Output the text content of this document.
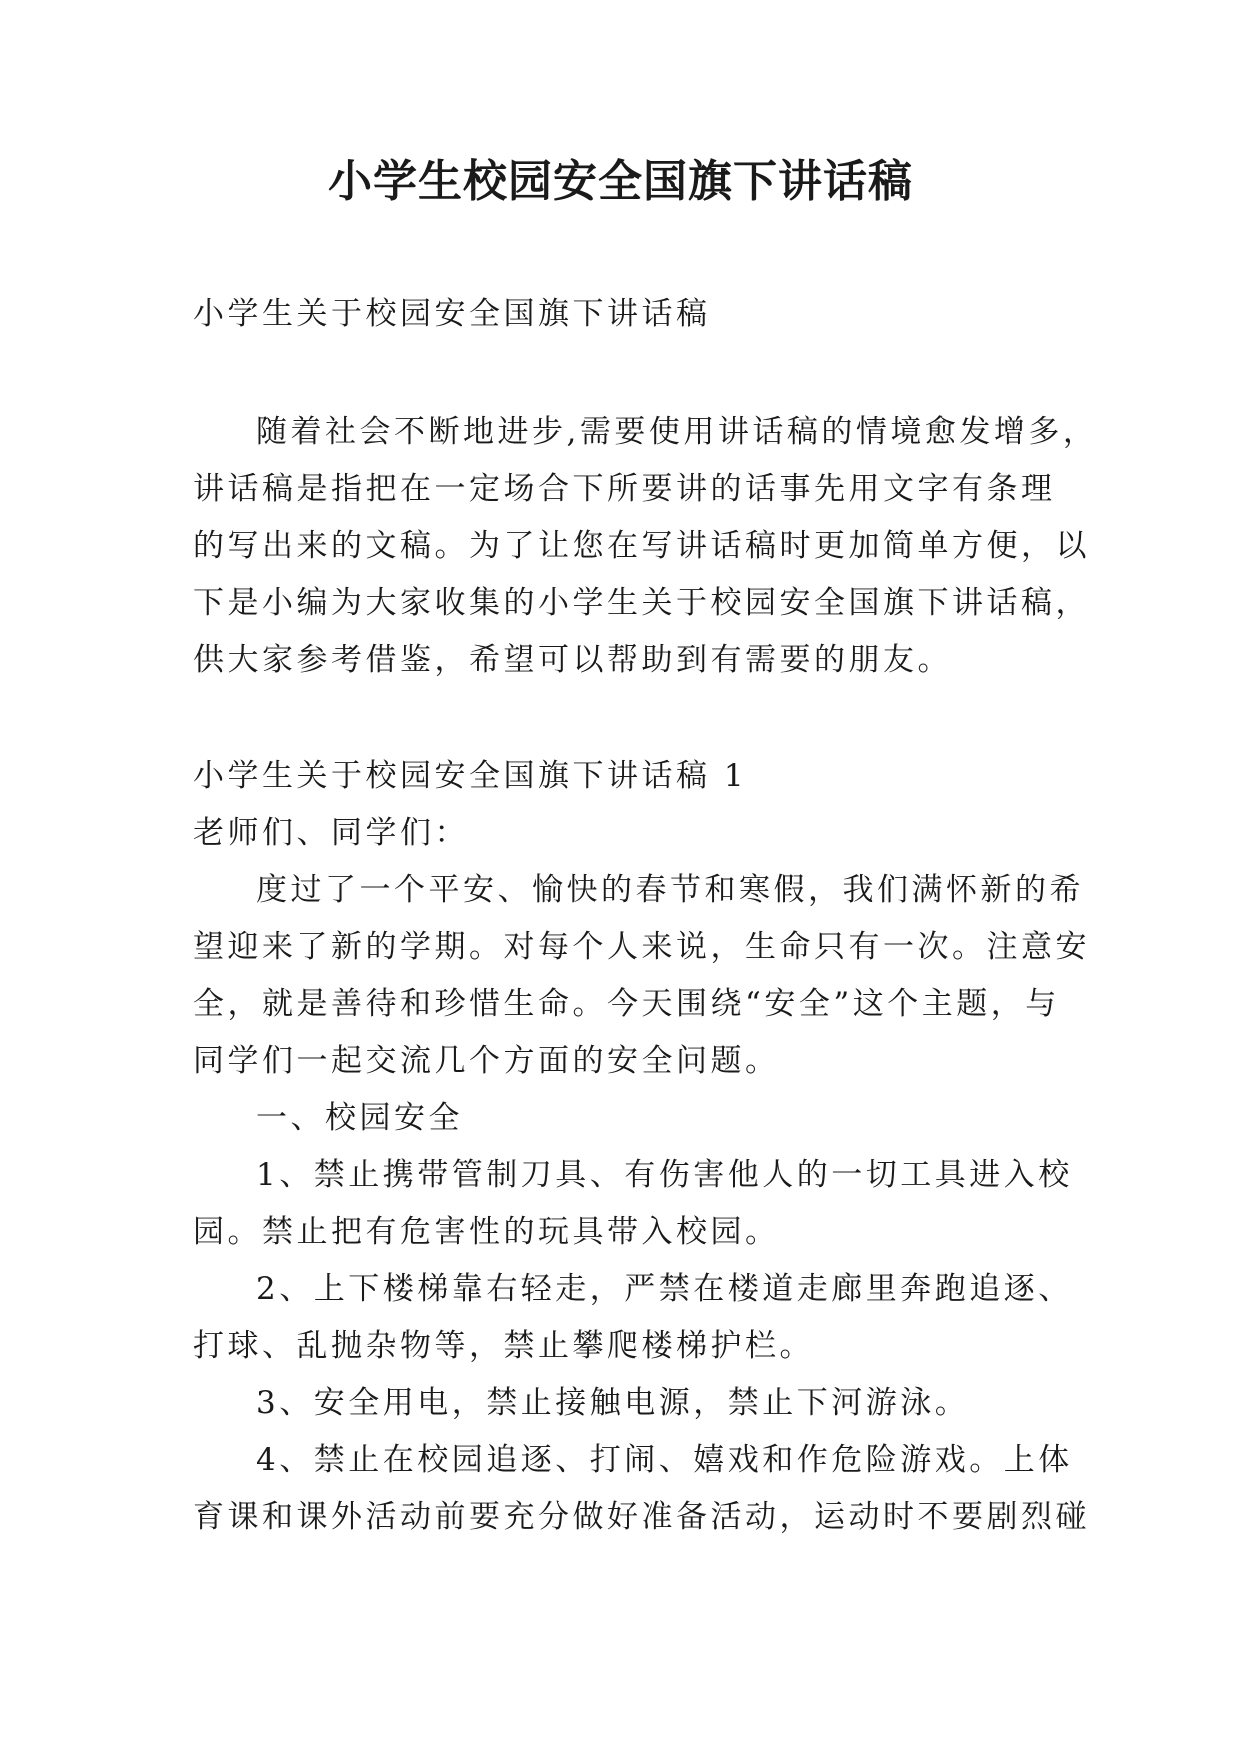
小学生校园安全国旗下讲话稿

小学生关于校园安全国旗下讲话稿

随着社会不断地进步,需要使用讲话稿的情境愈发增多，

讲话稿是指把在一定场合下所要讲的话事先用文字有条理

的写出来的文稿。为了让您在写讲话稿时更加简单方便，以

下是小编为大家收集的小学生关于校园安全国旗下讲话稿，

供大家参考借鉴，希望可以帮助到有需要的朋友。

小学生关于校园安全国旗下讲话稿 1

老师们、同学们：

度过了一个平安、愉快的春节和寒假，我们满怀新的希

望迎来了新的学期。对每个人来说，生命只有一次。注意安

全，就是善待和珍惜生命。今天围绕“安全”这个主题，与

同学们一起交流几个方面的安全问题。

一、校园安全

1、禁止携带管制刀具、有伤害他人的一切工具进入校

园。禁止把有危害性的玩具带入校园。

2、上下楼梯靠右轻走，严禁在楼道走廊里奔跑追逐、

打球、乱抛杂物等，禁止攀爬楼梯护栏。

3、安全用电，禁止接触电源，禁止下河游泳。

4、禁止在校园追逐、打闹、嬉戏和作危险游戏。上体

育课和课外活动前要充分做好准备活动，运动时不要剧烈碰
